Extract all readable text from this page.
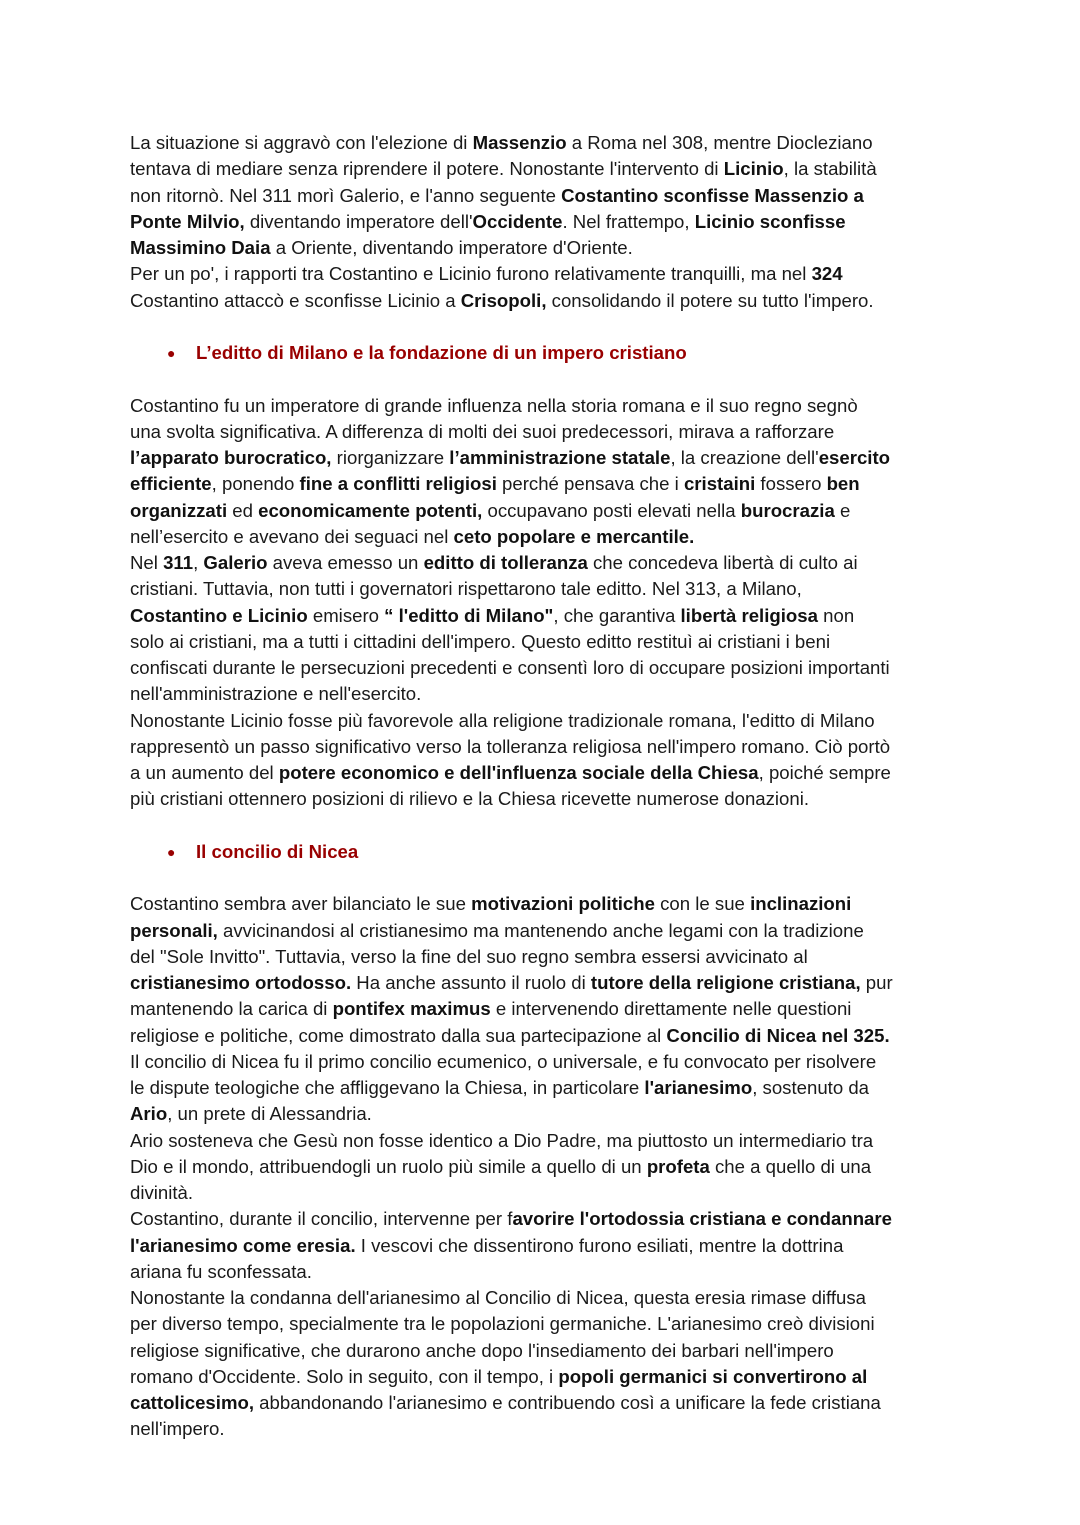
La situazione si aggravò con l'elezione di Massenzio a Roma nel 308, mentre Diocleziano
tentava di mediare senza riprendere il potere. Nonostante l'intervento di Licinio, la stabilità
non ritornò. Nel 311 morì Galerio, e l'anno seguente Costantino sconfisse Massenzio a
Ponte Milvio, diventando imperatore dell'Occidente. Nel frattempo, Licinio sconfisse
Massimino Daia a Oriente, diventando imperatore d'Oriente.
Per un po', i rapporti tra Costantino e Licinio furono relativamente tranquilli, ma nel 324
Costantino attaccò e sconfisse Licinio a Crisopoli, consolidando il potere su tutto l'impero.
● L’editto di Milano e la fondazione di un impero cristiano
Costantino fu un imperatore di grande influenza nella storia romana e il suo regno segnò
una svolta significativa. A differenza di molti dei suoi predecessori, mirava a rafforzare
l’apparato burocratico, riorganizzare l’amministrazione statale, la creazione dell'esercito
efficiente, ponendo fine a conflitti religiosi perché pensava che i cristaini fossero ben
organizzati ed economicamente potenti, occupavano posti elevati nella burocrazia e
nell’esercito e avevano dei seguaci nel ceto popolare e mercantile.
Nel 311, Galerio aveva emesso un editto di tolleranza che concedeva libertà di culto ai
cristiani. Tuttavia, non tutti i governatori rispettarono tale editto. Nel 313, a Milano,
Costantino e Licinio emisero “ l'editto di Milano", che garantiva libertà religiosa non
solo ai cristiani, ma a tutti i cittadini dell'impero. Questo editto restituì ai cristiani i beni
confiscati durante le persecuzioni precedenti e consentì loro di occupare posizioni importanti
nell'amministrazione e nell'esercito.
Nonostante Licinio fosse più favorevole alla religione tradizionale romana, l'editto di Milano
rappresentò un passo significativo verso la tolleranza religiosa nell'impero romano. Ciò portò
a un aumento del potere economico e dell'influenza sociale della Chiesa, poiché sempre
più cristiani ottennero posizioni di rilievo e la Chiesa ricevette numerose donazioni.
● Il concilio di Nicea
Costantino sembra aver bilanciato le sue motivazioni politiche con le sue inclinazioni
personali, avvicinandosi al cristianesimo ma mantenendo anche legami con la tradizione
del "Sole Invitto". Tuttavia, verso la fine del suo regno sembra essersi avvicinato al
cristianesimo ortodosso. Ha anche assunto il ruolo di tutore della religione cristiana, pur
mantenendo la carica di pontifex maximus e intervenendo direttamente nelle questioni
religiose e politiche, come dimostrato dalla sua partecipazione al Concilio di Nicea nel 325.
Il concilio di Nicea fu il primo concilio ecumenico, o universale, e fu convocato per risolvere
le dispute teologiche che affliggevano la Chiesa, in particolare l'arianesimo, sostenuto da
Ario, un prete di Alessandria.
Ario sosteneva che Gesù non fosse identico a Dio Padre, ma piuttosto un intermediario tra
Dio e il mondo, attribuendogli un ruolo più simile a quello di un profeta che a quello di una
divinità.
Costantino, durante il concilio, intervenne per favorire l'ortodossia cristiana e condannare
l'arianesimo come eresia. I vescovi che dissentirono furono esiliati, mentre la dottrina
ariana fu sconfessata.
Nonostante la condanna dell'arianesimo al Concilio di Nicea, questa eresia rimase diffusa
per diverso tempo, specialmente tra le popolazioni germaniche. L'arianesimo creò divisioni
religiose significative, che durarono anche dopo l'insediamento dei barbari nell'impero
romano d'Occidente. Solo in seguito, con il tempo, i popoli germanici si convertirono al
cattolicesimo, abbandonando l'arianesimo e contribuendo così a unificare la fede cristiana
nell'impero.
